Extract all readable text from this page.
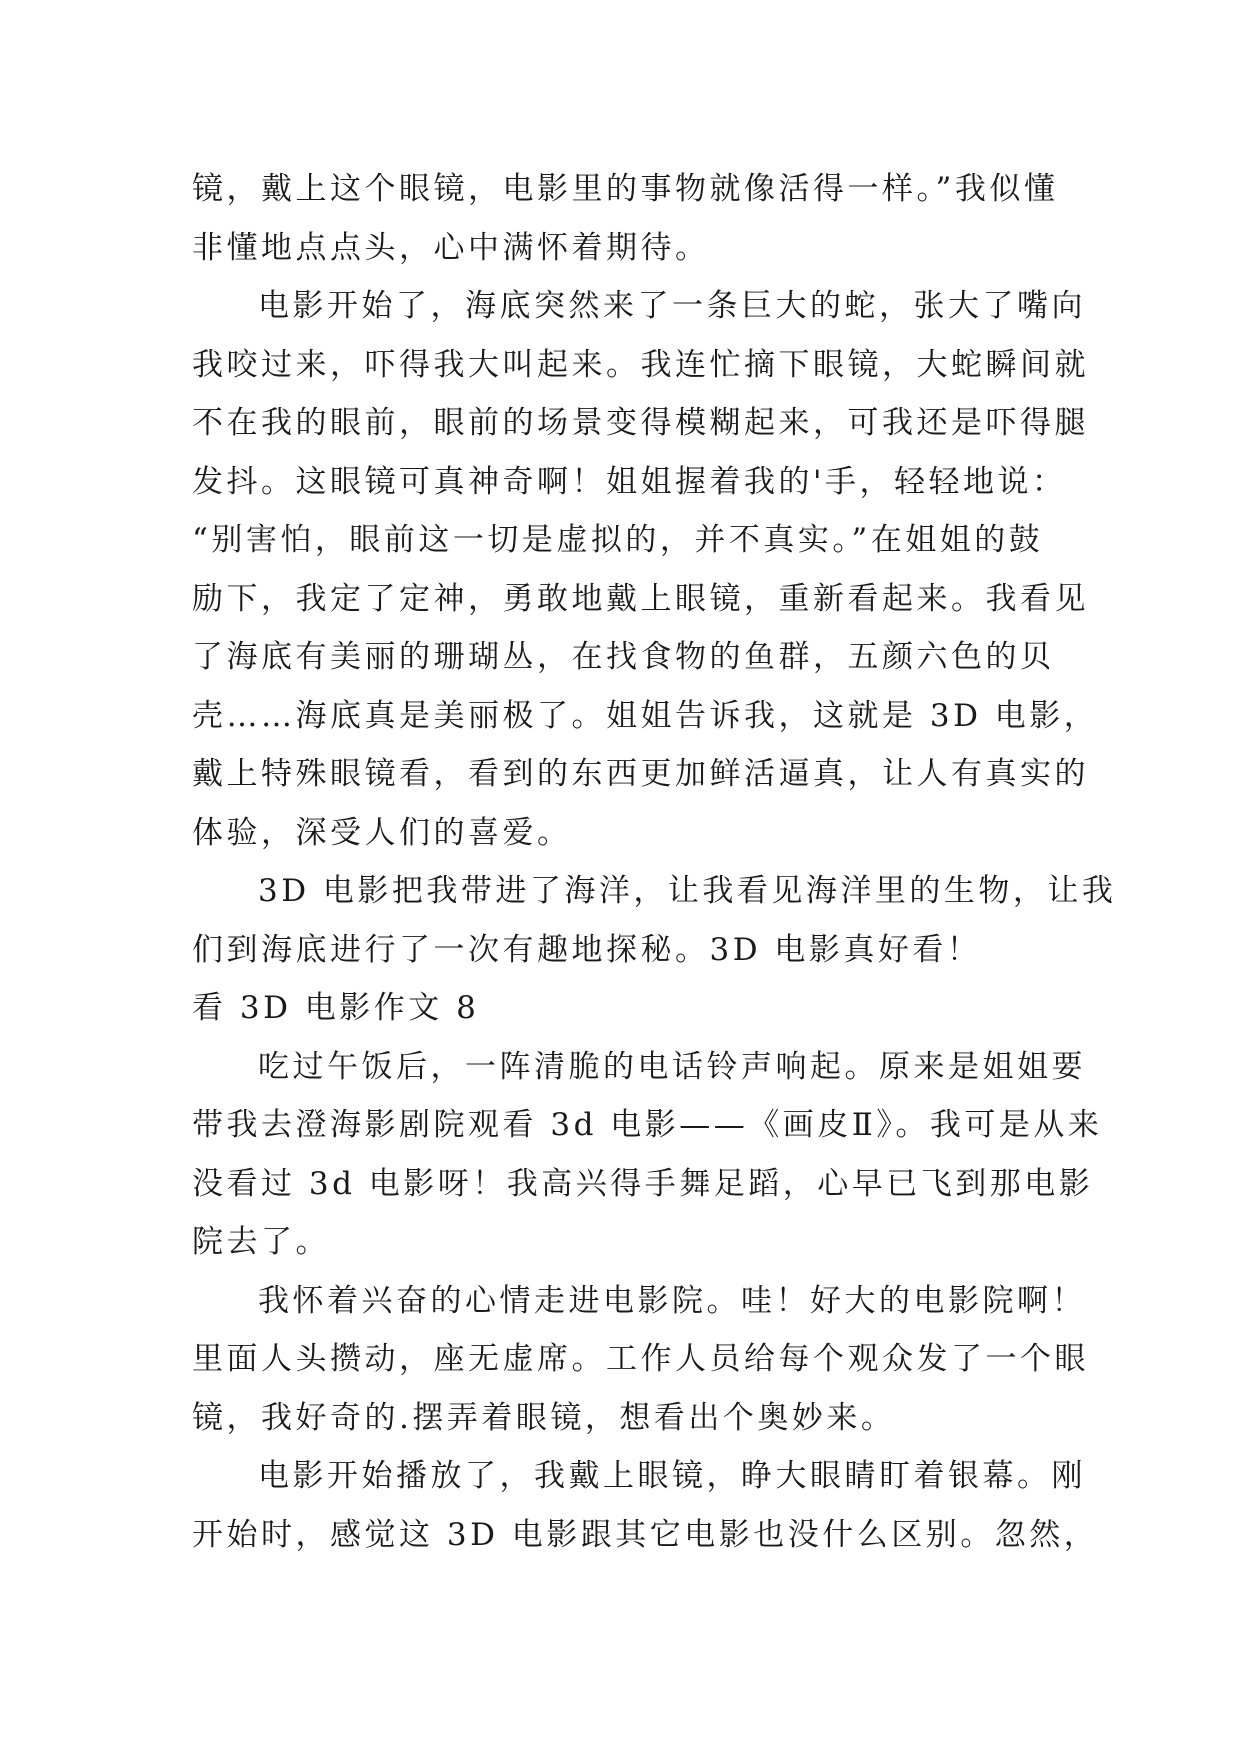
镜，戴上这个眼镜，电影里的事物就像活得一样。”我似懂
非懂地点点头，心中满怀着期待。
电影开始了，海底突然来了一条巨大的蛇，张大了嘴向
我咬过来，吓得我大叫起来。我连忙摘下眼镜，大蛇瞬间就
不在我的眼前，眼前的场景变得模糊起来，可我还是吓得腿
发抖。这眼镜可真神奇啊！姐姐握着我的'手，轻轻地说：
“别害怕，眼前这一切是虚拟的，并不真实。”在姐姐的鼓
励下，我定了定神，勇敢地戴上眼镜，重新看起来。我看见
了海底有美丽的珊瑚丛，在找食物的鱼群，五颜六色的贝
壳……海底真是美丽极了。姐姐告诉我，这就是 3D 电影，
戴上特殊眼镜看，看到的东西更加鲜活逼真，让人有真实的
体验，深受人们的喜爱。
3D 电影把我带进了海洋，让我看见海洋里的生物，让我
们到海底进行了一次有趣地探秘。3D 电影真好看！
看 3D 电影作文 8
吃过午饭后，一阵清脆的电话铃声响起。原来是姐姐要
带我去澄海影剧院观看 3d 电影——《画皮Ⅱ》。我可是从来
没看过 3d 电影呀！我高兴得手舞足蹈，心早已飞到那电影
院去了。
我怀着兴奋的心情走进电影院。哇！好大的电影院啊！
里面人头攒动，座无虚席。工作人员给每个观众发了一个眼
镜，我好奇的.摆弄着眼镜，想看出个奥妙来。
电影开始播放了，我戴上眼镜，睁大眼睛盯着银幕。刚
开始时，感觉这 3D 电影跟其它电影也没什么区别。忽然，
